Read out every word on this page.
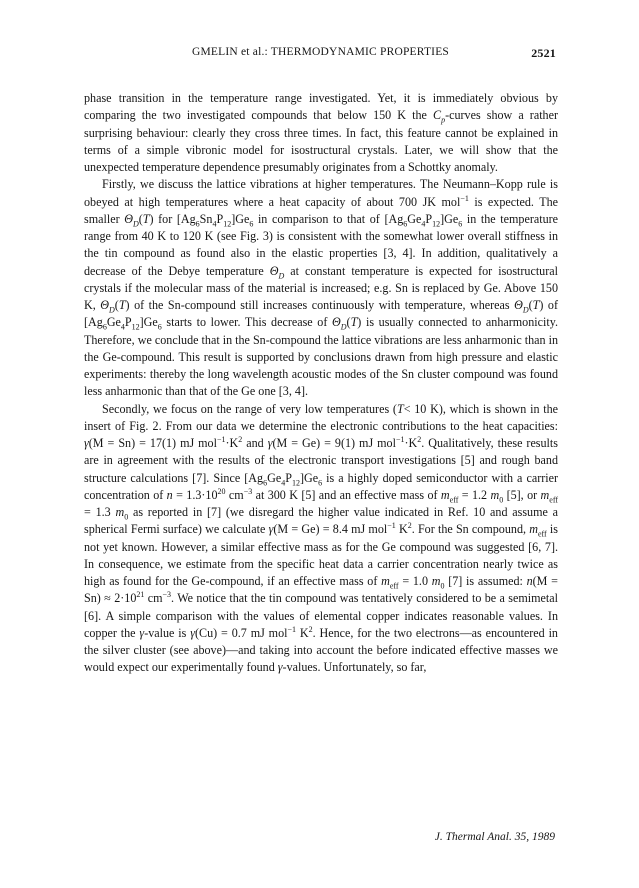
GMELIN et al.: THERMODYNAMIC PROPERTIES	2521

phase transition in the temperature range investigated. Yet, it is immediately obvious by comparing the two investigated compounds that below 150 K the $C_p$-curves show a rather surprising behaviour: clearly they cross three times. In fact, this feature cannot be explained in terms of a simple vibronic model for isostructural crystals. Later, we will show that the unexpected temperature dependence presumably originates from a Schottky anomaly.

Firstly, we discuss the lattice vibrations at higher temperatures. The Neumann–Kopp rule is obeyed at high temperatures where a heat capacity of about 700 JK mol$^{-1}$ is expected. The smaller $\Theta_D(T)$ for $[Ag_6Sn_4P_{12}]Ge_6$ in comparison to that of $[Ag_6Ge_4P_{12}]Ge_6$ in the temperature range from 40 K to 120 K (see Fig. 3) is consistent with the somewhat lower overall stiffness in the tin compound as found also in the elastic properties [3, 4]. In addition, qualitatively a decrease of the Debye temperature $\Theta_D$ at constant temperature is expected for isostructural crystals if the molecular mass of the material is increased; e.g. Sn is replaced by Ge. Above 150 K, $\Theta_D(T)$ of the Sn-compound still increases continuously with temperature, whereas $\Theta_D(T)$ of $[Ag_6Ge_4P_{12}]Ge_6$ starts to lower. This decrease of $\Theta_D(T)$ is usually connected to anharmonicity. Therefore, we conclude that in the Sn-compound the lattice vibrations are less anharmonic than in the Ge-compound. This result is supported by conclusions drawn from high pressure and elastic experiments: thereby the long wavelength acoustic modes of the Sn cluster compound was found less anharmonic than that of the Ge one [3, 4].

Secondly, we focus on the range of very low temperatures (T< 10 K), which is shown in the insert of Fig. 2. From our data we determine the electronic contributions to the heat capacities: γ(M = Sn) = 17(1) mJ $mol^{-1}\cdot K^2$ and γ(M = Ge) = 9(1) mJ $mol^{-1}\cdot K^2$. Qualitatively, these results are in agreement with the results of the electronic transport investigations [5] and rough band structure calculations [7]. Since $[Ag_6Ge_4P_{12}]Ge_6$ is a highly doped semiconductor with a carrier concentration of $n = 1.3\cdot 10^{20}$ $cm^{-3}$ at 300 K [5] and an effective mass of $m_{eff} = 1.2$ $m_0$ [5], or $m_{eff} = 1.3$ $m_0$ as reported in [7] (we disregard the higher value indicated in Ref. 10 and assume a spherical Fermi surface) we calculate γ(M = Ge) = 8.4 mJ mol$^{-1}$ $K^2$. For the Sn compound, $m_{eff}$ is not yet known. However, a similar effective mass as for the Ge compound was suggested [6, 7]. In consequence, we estimate from the specific heat data a carrier concentration nearly twice as high as found for the Ge-compound, if an effective mass of $m_{eff} = 1.0$ $m_0$ [7] is assumed: $n(M = Sn) \approx 2\cdot 10^{21}$ $cm^{-3}$. We notice that the tin compound was tentatively considered to be a semimetal [6]. A simple comparison with the values of elemental copper indicates reasonable values. In copper the γ-value is γ(Cu) = 0.7 mJ mol$^{-1}$ $K^2$. Hence, for the two electrons—as encountered in the silver cluster (see above)—and taking into account the before indicated effective masses we would expect our experimentally found γ-values. Unfortunately, so far,

J. Thermal Anal. 35, 1989
